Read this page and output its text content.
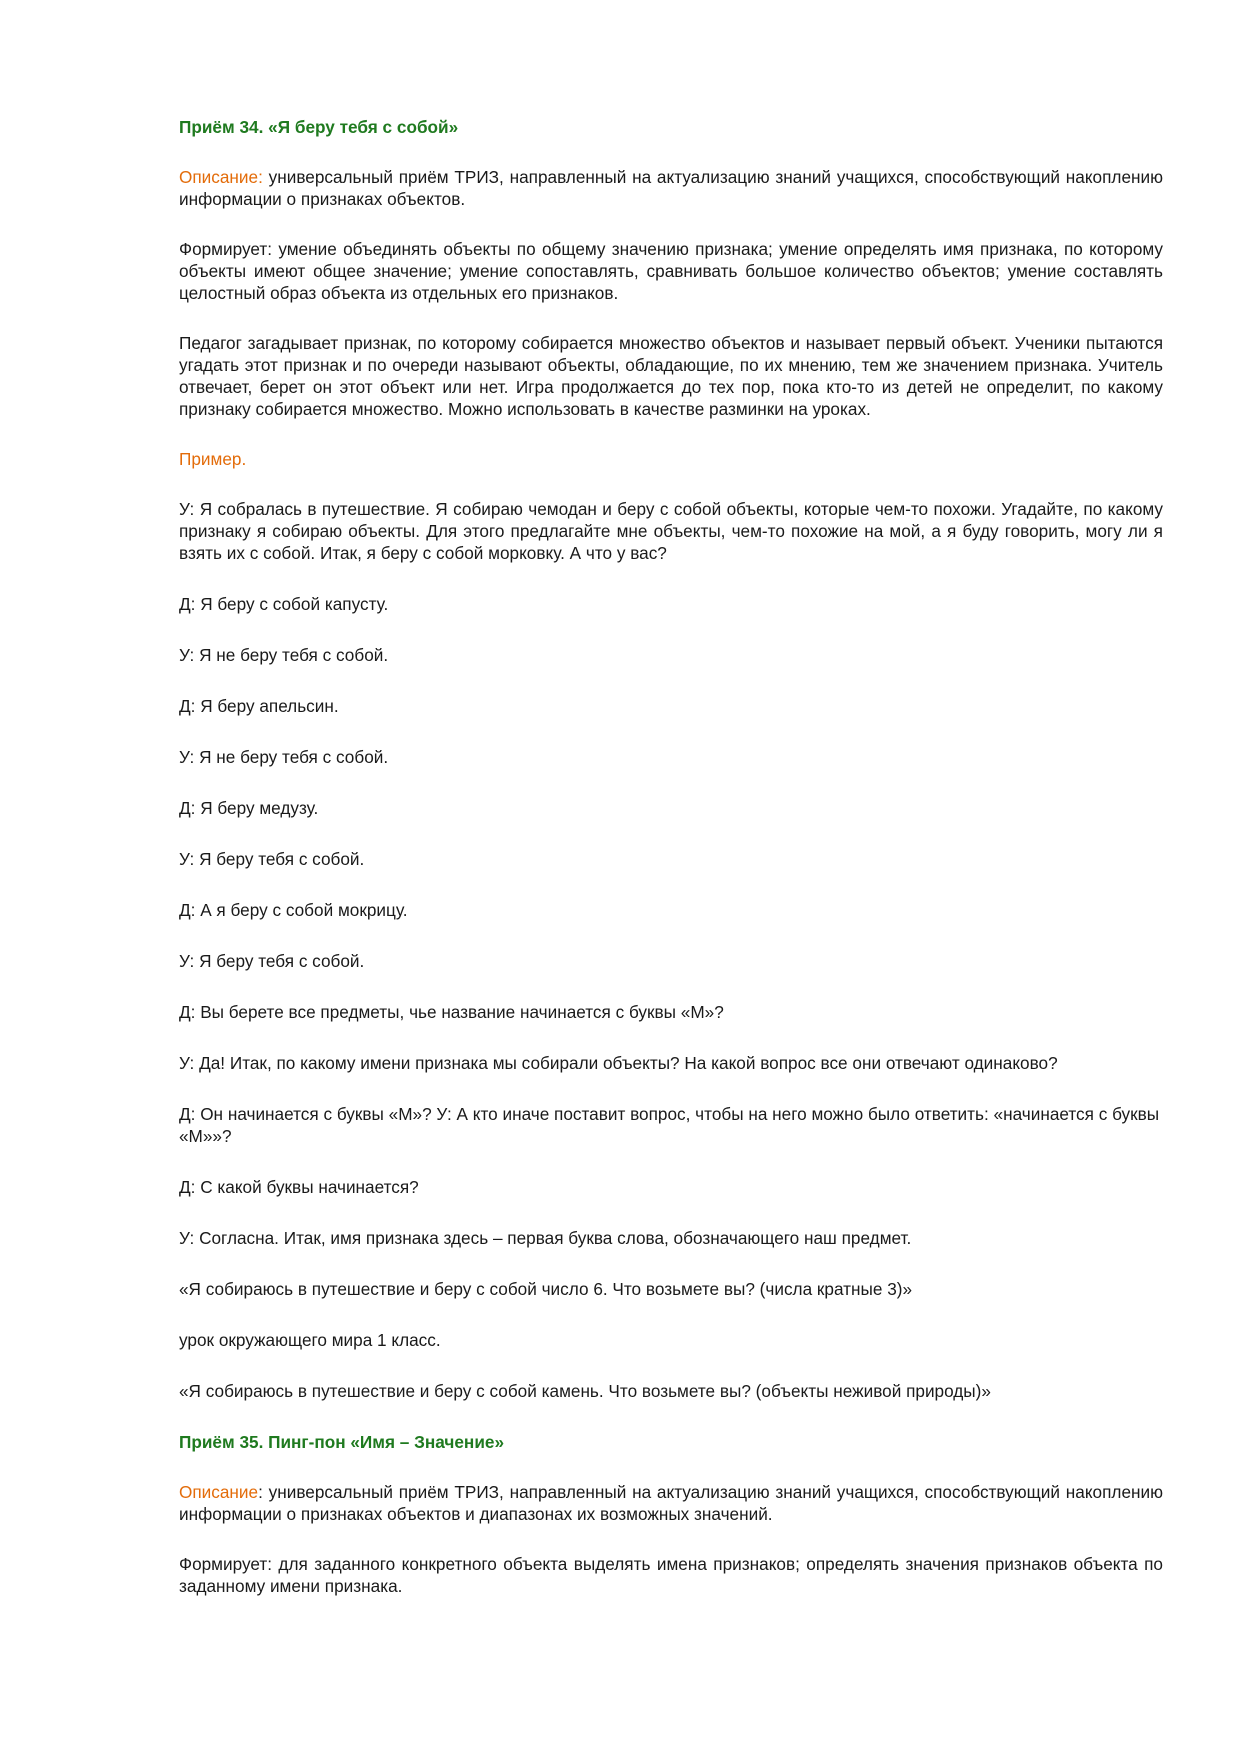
Приём 34. «Я беру тебя с собой»

Описание: универсальный приём ТРИЗ, направленный на актуализацию знаний учащихся, способствующий накоплению информации о признаках объектов.

Формирует: умение объединять объекты по общему значению признака; умение определять имя признака, по которому объекты имеют общее значение; умение сопоставлять, сравнивать большое количество объектов; умение составлять целостный образ объекта из отдельных его признаков.

Педагог загадывает признак, по которому собирается множество объектов и называет первый объект. Ученики пытаются угадать этот признак и по очереди называют объекты, обладающие, по их мнению, тем же значением признака. Учитель отвечает, берет он этот объект или нет. Игра продолжается до тех пор, пока кто-то из детей не определит, по какому признаку собирается множество. Можно использовать в качестве разминки на уроках.

Пример.

У: Я собралась в путешествие. Я собираю чемодан и беру с собой объекты, которые чем-то похожи. Угадайте, по какому признаку я собираю объекты. Для этого предлагайте мне объекты, чем-то похожие на мой, а я буду говорить, могу ли я взять их с собой. Итак, я беру с собой морковку. А что у вас?

Д: Я беру с собой капусту.

У: Я не беру тебя с собой.

Д: Я беру апельсин.

У: Я не беру тебя с собой.

Д: Я беру медузу.

У: Я беру тебя с собой.

Д: А я беру с собой мокрицу.

У: Я беру тебя с собой.

Д: Вы берете все предметы, чье название начинается с буквы «М»?

У: Да! Итак, по какому имени признака мы собирали объекты? На какой вопрос все они отвечают одинаково?

Д: Он начинается с буквы «М»? У: А кто иначе поставит вопрос, чтобы на него можно было ответить: «начинается с буквы «М»»?

Д: С какой буквы начинается?

У: Согласна. Итак, имя признака здесь – первая буква слова, обозначающего наш предмет.

«Я собираюсь в путешествие и беру с собой число 6. Что возьмете вы? (числа кратные 3)»

урок окружающего мира 1 класс.

«Я собираюсь в путешествие и беру с собой камень. Что возьмете вы? (объекты неживой природы)»

Приём 35. Пинг-пон «Имя – Значение»

Описание: универсальный приём ТРИЗ, направленный на актуализацию знаний учащихся, способствующий накоплению информации о признаках объектов и диапазонах их возможных значений.

Формирует: для заданного конкретного объекта выделять имена признаков; определять значения признаков объекта по заданному имени признака.
